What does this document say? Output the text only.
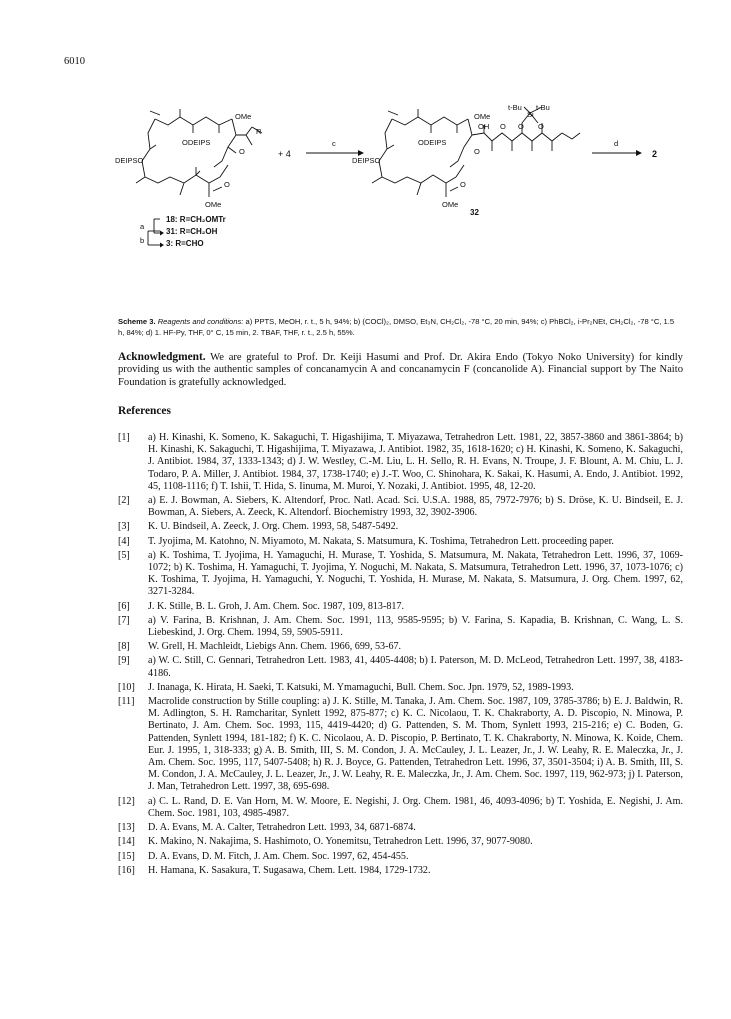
6010
OMe
ODEIPS
R
DEIPSO
O
OMe
O
+ 4
c
t-Bu
Si
t-Bu
OMe
OH O O O
ODEIPS
DEIPSO
O
O
OMe
32
d
2
a
b
18: R=CH₂OMTr
31: R=CH₂OH
3: R=CHO
Scheme 3. Reagents and conditions: a) PPTS, MeOH, r. t., 5 h, 94%; b) (COCl)₂, DMSO, Et₃N, CH₂Cl₂, -78 °C, 20 min, 94%; c) PhBCl₂, i-Pr₂NEt, CH₂Cl₂, -78 °C, 1.5 h, 84%; d) 1. HF-Py, THF, 0° C, 15 min, 2. TBAF, THF, r. t., 2.5 h, 55%.
Acknowledgment. We are grateful to Prof. Dr. Keiji Hasumi and Prof. Dr. Akira Endo (Tokyo Noko University) for kindly providing us with the authentic samples of concanamycin A and concanamycin F (concanolide A). Financial support by The Naito Foundation is gratefully acknowledged.
References
[1] a) H. Kinashi, K. Someno, K. Sakaguchi, T. Higashijima, T. Miyazawa, Tetrahedron Lett. 1981, 22, 3857-3860 and 3861-3864; b) H. Kinashi, K. Sakaguchi, T. Higashijima, T. Miyazawa, J. Antibiot. 1982, 35, 1618-1620; c) H. Kinashi, K. Someno, K. Sakaguchi, J. Antibiot. 1984, 37, 1333-1343; d) J. W. Westley, C.-M. Liu, L. H. Sello, R. H. Evans, N. Troupe, J. F. Blount, A. M. Chiu, L. J. Todaro, P. A. Miller, J. Antibiot. 1984, 37, 1738-1740; e) J.-T. Woo, C. Shinohara, K. Sakai, K. Hasumi, A. Endo, J. Antibiot. 1992, 45, 1108-1116; f) T. Ishii, T. Hida, S. Iinuma, M. Muroi, Y. Nozaki, J. Antibiot. 1995, 48, 12-20.
[2] a) E. J. Bowman, A. Siebers, K. Altendorf, Proc. Natl. Acad. Sci. U.S.A. 1988, 85, 7972-7976; b) S. Dröse, K. U. Bindseil, E. J. Bowman, A. Siebers, A. Zeeck, K. Altendorf. Biochemistry 1993, 32, 3902-3906.
[3] K. U. Bindseil, A. Zeeck, J. Org. Chem. 1993, 58, 5487-5492.
[4] T. Jyojima, M. Katohno, N. Miyamoto, M. Nakata, S. Matsumura, K. Toshima, Tetrahedron Lett. proceeding paper.
[5] a) K. Toshima, T. Jyojima, H. Yamaguchi, H. Murase, T. Yoshida, S. Matsumura, M. Nakata, Tetrahedron Lett. 1996, 37, 1069-1072; b) K. Toshima, H. Yamaguchi, T. Jyojima, Y. Noguchi, M. Nakata, S. Matsumura, Tetrahedron Lett. 1996, 37, 1073-1076; c) K. Toshima, T. Jyojima, H. Yamaguchi, Y. Noguchi, T. Yoshida, H. Murase, M. Nakata, S. Matsumura, J. Org. Chem. 1997, 62, 3271-3284.
[6] J. K. Stille, B. L. Groh, J. Am. Chem. Soc. 1987, 109, 813-817.
[7] a) V. Farina, B. Krishnan, J. Am. Chem. Soc. 1991, 113, 9585-9595; b) V. Farina, S. Kapadia, B. Krishnan, C. Wang, L. S. Liebeskind, J. Org. Chem. 1994, 59, 5905-5911.
[8] W. Grell, H. Machleidt, Liebigs Ann. Chem. 1966, 699, 53-67.
[9] a) W. C. Still, C. Gennari, Tetrahedron Lett. 1983, 41, 4405-4408; b) I. Paterson, M. D. McLeod, Tetrahedron Lett. 1997, 38, 4183-4186.
[10] J. Inanaga, K. Hirata, H. Saeki, T. Katsuki, M. Ymamaguchi, Bull. Chem. Soc. Jpn. 1979, 52, 1989-1993.
[11] Macrolide construction by Stille coupling: a) J. K. Stille, M. Tanaka, J. Am. Chem. Soc. 1987, 109, 3785-3786; b) E. J. Baldwin, R. M. Adlington, S. H. Ramcharitar, Synlett 1992, 875-877; c) K. C. Nicolaou, T. K. Chakraborty, A. D. Piscopio, N. Minowa, P. Bertinato, J. Am. Chem. Soc. 1993, 115, 4419-4420; d) G. Pattenden, S. M. Thom, Synlett 1993, 215-216; e) C. Boden, G. Pattenden, Synlett 1994, 181-182; f) K. C. Nicolaou, A. D. Piscopio, P. Bertinato, T. K. Chakraborty, N. Minowa, K. Koide, Chem. Eur. J. 1995, 1, 318-333; g) A. B. Smith, III, S. M. Condon, J. A. McCauley, J. L. Leazer, Jr., J. W. Leahy, R. E. Maleczka, Jr., J. Am. Chem. Soc. 1995, 117, 5407-5408; h) R. J. Boyce, G. Pattenden, Tetrahedron Lett. 1996, 37, 3501-3504; i) A. B. Smith, III, S. M. Condon, J. A. McCauley, J. L. Leazer, Jr., J. W. Leahy, R. E. Maleczka, Jr., J. Am. Chem. Soc. 1997, 119, 962-973; j) I. Paterson, J. Man, Tetrahedron Lett. 1997, 38, 695-698.
[12] a) C. L. Rand, D. E. Van Horn, M. W. Moore, E. Negishi, J. Org. Chem. 1981, 46, 4093-4096; b) T. Yoshida, E. Negishi, J. Am. Chem. Soc. 1981, 103, 4985-4987.
[13] D. A. Evans, M. A. Calter, Tetrahedron Lett. 1993, 34, 6871-6874.
[14] K. Makino, N. Nakajima, S. Hashimoto, O. Yonemitsu, Tetrahedron Lett. 1996, 37, 9077-9080.
[15] D. A. Evans, D. M. Fitch, J. Am. Chem. Soc. 1997, 62, 454-455.
[16] H. Hamana, K. Sasakura, T. Sugasawa, Chem. Lett. 1984, 1729-1732.
